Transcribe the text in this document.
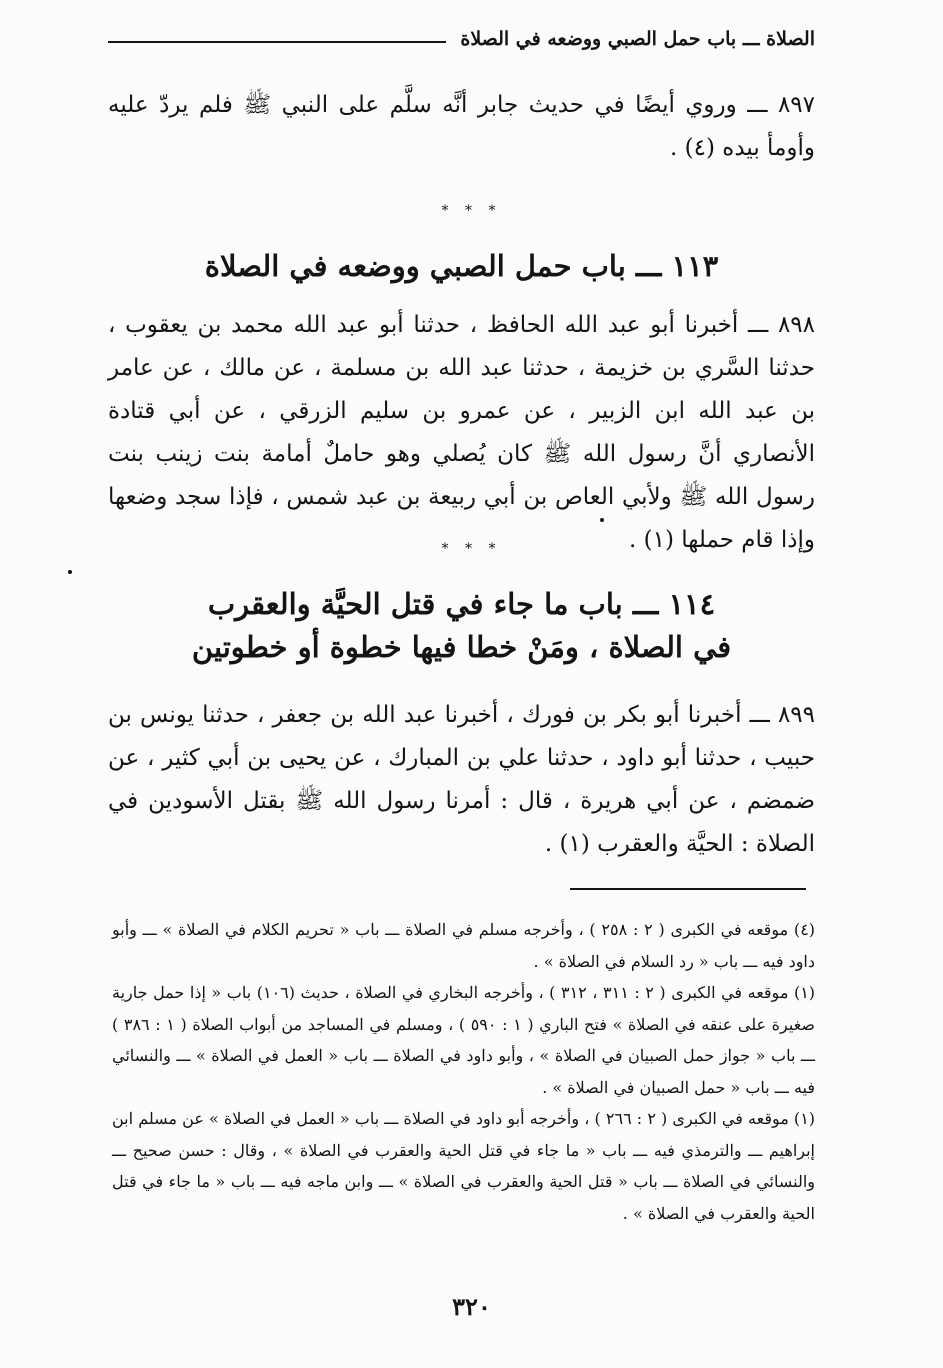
الصلاة ـــ باب حمل الصبي ووضعه في الصلاة
٨٩٧ ـــ وروي أيضًا في حديث جابر أنَّه سلَّم على النبي ﷺ فلم يردّ عليه وأومأ بيده (٤) .
* * *
١١٣ ـــ باب حمل الصبي ووضعه في الصلاة
٨٩٨ ـــ أخبرنا أبو عبد الله الحافظ ، حدثنا أبو عبد الله محمد بن يعقوب ، حدثنا السَّري بن خزيمة ، حدثنا عبد الله بن مسلمة ، عن مالك ، عن عامر بن عبد الله ابن الزبير ، عن عمرو بن سليم الزرقي ، عن أبي قتادة الأنصاري أنَّ رسول الله ﷺ كان يُصلي وهو حاملٌ أمامة بنت زينب بنت رسول الله ﷺ ولأبي العاص بن أبي ربيعة بن عبد شمس ، فإذا سجد وضعها وإذا قام حملها (١) .
* * *
١١٤ ـــ باب ما جاء في قتل الحيَّة والعقرب
في الصلاة ، ومَنْ خطا فيها خطوة أو خطوتين
٨٩٩ ـــ أخبرنا أبو بكر بن فورك ، أخبرنا عبد الله بن جعفر ، حدثنا يونس بن حبيب ، حدثنا أبو داود ، حدثنا علي بن المبارك ، عن يحيى بن أبي كثير ، عن ضمضم ، عن أبي هريرة ، قال : أمرنا رسول الله ﷺ بقتل الأسودين في الصلاة : الحيَّة والعقرب (١) .

(٤) موقعه في الكبرى ( ٢ : ٢٥٨ ) ، وأخرجه مسلم في الصلاة ـــ باب « تحريم الكلام في الصلاة » ـــ وأبو داود فيه ـــ باب « رد السلام في الصلاة » .

(١) موقعه في الكبرى ( ٢ : ٣١١ ، ٣١٢ ) ، وأخرجه البخاري في الصلاة ، حديث (١٠٦) باب « إذا حمل جارية صغيرة على عنقه في الصلاة » فتح الباري ( ١ : ٥٩٠ ) ، ومسلم في المساجد من أبواب الصلاة ( ١ : ٣٨٦ ) ـــ باب « جواز حمل الصبيان في الصلاة » ، وأبو داود في الصلاة ـــ باب « العمل في الصلاة » ـــ والنسائي فيه ـــ باب « حمل الصبيان في الصلاة » .

(١) موقعه في الكبرى ( ٢ : ٢٦٦ ) ، وأخرجه أبو داود في الصلاة ـــ باب « العمل في الصلاة » عن مسلم ابن إبراهيم ـــ والترمذي فيه ـــ باب « ما جاء في قتل الحية والعقرب في الصلاة » ، وقال : حسن صحيح ـــ والنسائي في الصلاة ـــ باب « قتل الحية والعقرب في الصلاة » ـــ وابن ماجه فيه ـــ باب « ما جاء في قتل الحية والعقرب في الصلاة » .

٣٢٠
